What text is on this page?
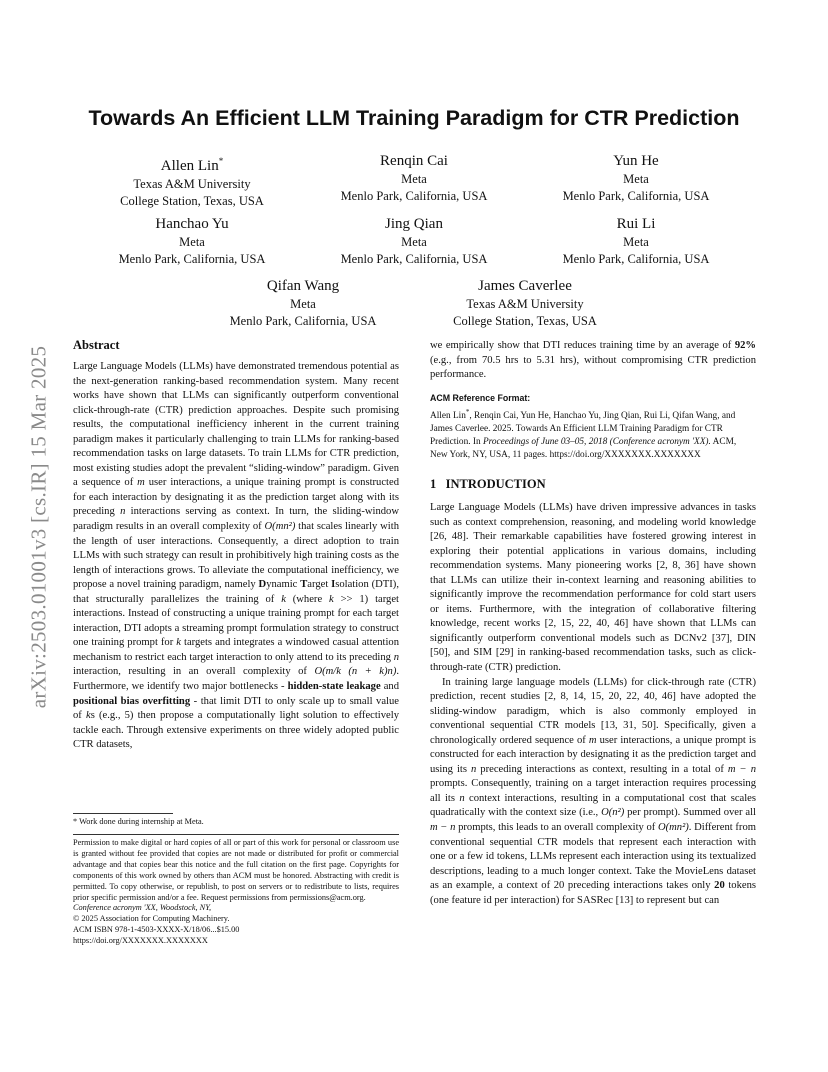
arXiv:2503.01001v3 [cs.IR] 15 Mar 2025
Towards An Efficient LLM Training Paradigm for CTR Prediction
Allen Lin*
Texas A&M University
College Station, Texas, USA
Renqin Cai
Meta
Menlo Park, California, USA
Yun He
Meta
Menlo Park, California, USA
Hanchao Yu
Meta
Menlo Park, California, USA
Jing Qian
Meta
Menlo Park, California, USA
Rui Li
Meta
Menlo Park, California, USA
Qifan Wang
Meta
Menlo Park, California, USA
James Caverlee
Texas A&M University
College Station, Texas, USA
Abstract

Large Language Models (LLMs) have demonstrated tremendous potential as the next-generation ranking-based recommendation system. Many recent works have shown that LLMs can significantly outperform conventional click-through-rate (CTR) prediction approaches. Despite such promising results, the computational inefficiency inherent in the current training paradigm makes it particularly challenging to train LLMs for ranking-based recommendation tasks on large datasets. To train LLMs for CTR prediction, most existing studies adopt the prevalent “sliding-window” paradigm. Given a sequence of m user interactions, a unique training prompt is constructed for each interaction by designating it as the prediction target along with its preceding n interactions serving as context. In turn, the sliding-window paradigm results in an overall complexity of O(mn²) that scales linearly with the length of user interactions. Consequently, a direct adoption to train LLMs with such strategy can result in prohibitively high training costs as the length of interactions grows. To alleviate the computational inefficiency, we propose a novel training paradigm, namely Dynamic Target Isolation (DTI), that structurally parallelizes the training of k (where k >> 1) target interactions. Instead of constructing a unique training prompt for each target interaction, DTI adopts a streaming prompt formulation strategy to construct one training prompt for k targets and integrates a windowed casual attention mechanism to restrict each target interaction to only attend to its preceding n interaction, resulting in an overall complexity of O(m/k (n + k)n). Furthermore, we identify two major bottlenecks - hidden-state leakage and positional bias overfitting - that limit DTI to only scale up to small value of ks (e.g., 5) then propose a computationally light solution to effectively tackle each. Through extensive experiments on three widely adopted public CTR datasets,

* Work done during internship at Meta.

Permission to make digital or hard copies of all or part of this work for personal or classroom use is granted without fee provided that copies are not made or distributed for profit or commercial advantage and that copies bear this notice and the full citation on the first page. Copyrights for components of this work owned by others than ACM must be honored. Abstracting with credit is permitted. To copy otherwise, or republish, to post on servers or to redistribute to lists, requires prior specific permission and/or a fee. Request permissions from permissions@acm.org.

Conference acronym 'XX, Woodstock, NY,

© 2025 Association for Computing Machinery.

ACM ISBN 978-1-4503-XXXX-X/18/06...$15.00

https://doi.org/XXXXXXX.XXXXXXX

we empirically show that DTI reduces training time by an average of 92% (e.g., from 70.5 hrs to 5.31 hrs), without compromising CTR prediction performance.

ACM Reference Format:

Allen Lin*, Renqin Cai, Yun He, Hanchao Yu, Jing Qian, Rui Li, Qifan Wang, and James Caverlee. 2025. Towards An Efficient LLM Training Paradigm for CTR Prediction. In Proceedings of June 03–05, 2018 (Conference acronym 'XX). ACM, New York, NY, USA, 11 pages. https://doi.org/XXXXXXX.XXXXXXX

1   INTRODUCTION

Large Language Models (LLMs) have driven impressive advances in tasks such as context comprehension, reasoning, and modeling world knowledge [26, 48]. Their remarkable capabilities have fostered growing interest in exploring their potential applications in various domains, including recommendation systems. Many pioneering works [2, 8, 36] have shown that LLMs can utilize their in-context learning and reasoning abilities to significantly improve the recommendation performance for cold start users or items. Furthermore, with the integration of collaborative filtering knowledge, recent works [2, 15, 22, 40, 46] have shown that LLMs can significantly outperform conventional models such as DCNv2 [37], DIN [50], and SIM [29] in ranking-based recommendation tasks, such as click-through-rate (CTR) prediction.

In training large language models (LLMs) for click-through rate (CTR) prediction, recent studies [2, 8, 14, 15, 20, 22, 40, 46] have adopted the sliding-window paradigm, which is also commonly employed in conventional sequential CTR models [13, 31, 50]. Specifically, given a chronologically ordered sequence of m user interactions, a unique prompt is constructed for each interaction by designating it as the prediction target and using its n preceding interactions as context, resulting in a total of m − n prompts. Consequently, training on a target interaction requires processing all its n context interactions, resulting in a computational cost that scales quadratically with the context size (i.e., O(n²) per prompt). Summed over all m − n prompts, this leads to an overall complexity of O(mn²). Different from conventional sequential CTR models that represent each interaction with one or a few id tokens, LLMs represent each interaction using its textualized descriptions, leading to a much longer context. Take the MovieLens dataset as an example, a context of 20 preceding interactions takes only 20 tokens (one feature id per interaction) for SASRec [13] to represent but can
